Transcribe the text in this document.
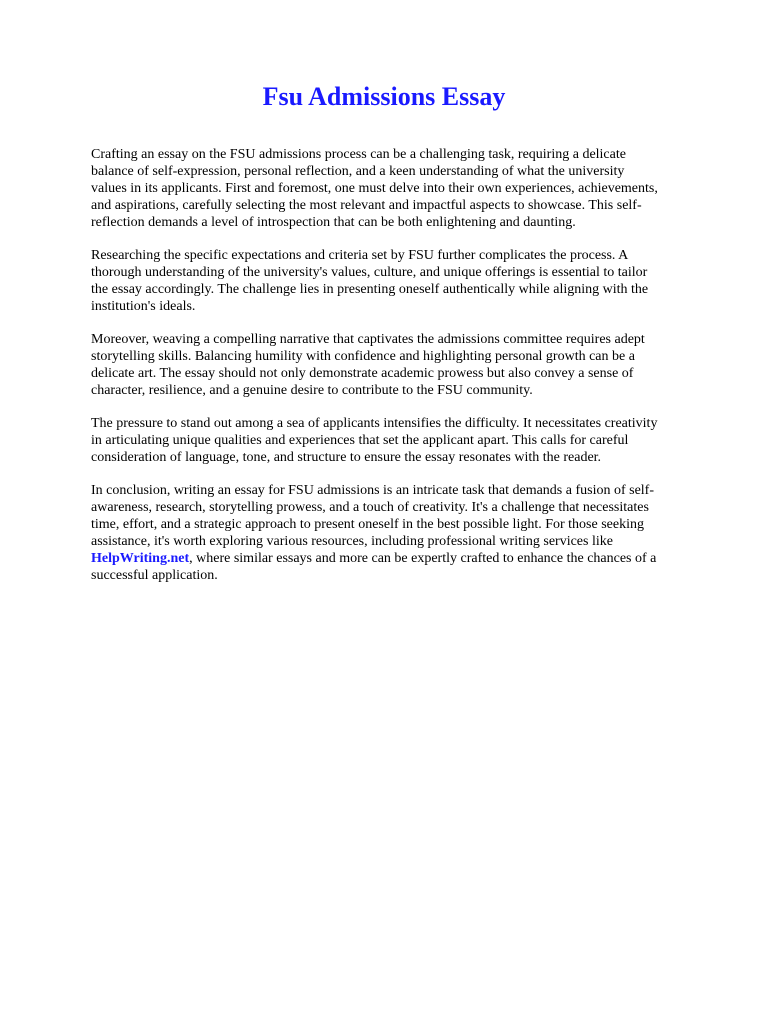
Fsu Admissions Essay

Crafting an essay on the FSU admissions process can be a challenging task, requiring a delicate
balance of self-expression, personal reflection, and a keen understanding of what the university
values in its applicants. First and foremost, one must delve into their own experiences, achievements,
and aspirations, carefully selecting the most relevant and impactful aspects to showcase. This self-
reflection demands a level of introspection that can be both enlightening and daunting.

Researching the specific expectations and criteria set by FSU further complicates the process. A
thorough understanding of the university's values, culture, and unique offerings is essential to tailor
the essay accordingly. The challenge lies in presenting oneself authentically while aligning with the
institution's ideals.

Moreover, weaving a compelling narrative that captivates the admissions committee requires adept
storytelling skills. Balancing humility with confidence and highlighting personal growth can be a
delicate art. The essay should not only demonstrate academic prowess but also convey a sense of
character, resilience, and a genuine desire to contribute to the FSU community.

The pressure to stand out among a sea of applicants intensifies the difficulty. It necessitates creativity
in articulating unique qualities and experiences that set the applicant apart. This calls for careful
consideration of language, tone, and structure to ensure the essay resonates with the reader.

In conclusion, writing an essay for FSU admissions is an intricate task that demands a fusion of self-
awareness, research, storytelling prowess, and a touch of creativity. It's a challenge that necessitates
time, effort, and a strategic approach to present oneself in the best possible light. For those seeking
assistance, it's worth exploring various resources, including professional writing services like
HelpWriting.net, where similar essays and more can be expertly crafted to enhance the chances of a
successful application.
